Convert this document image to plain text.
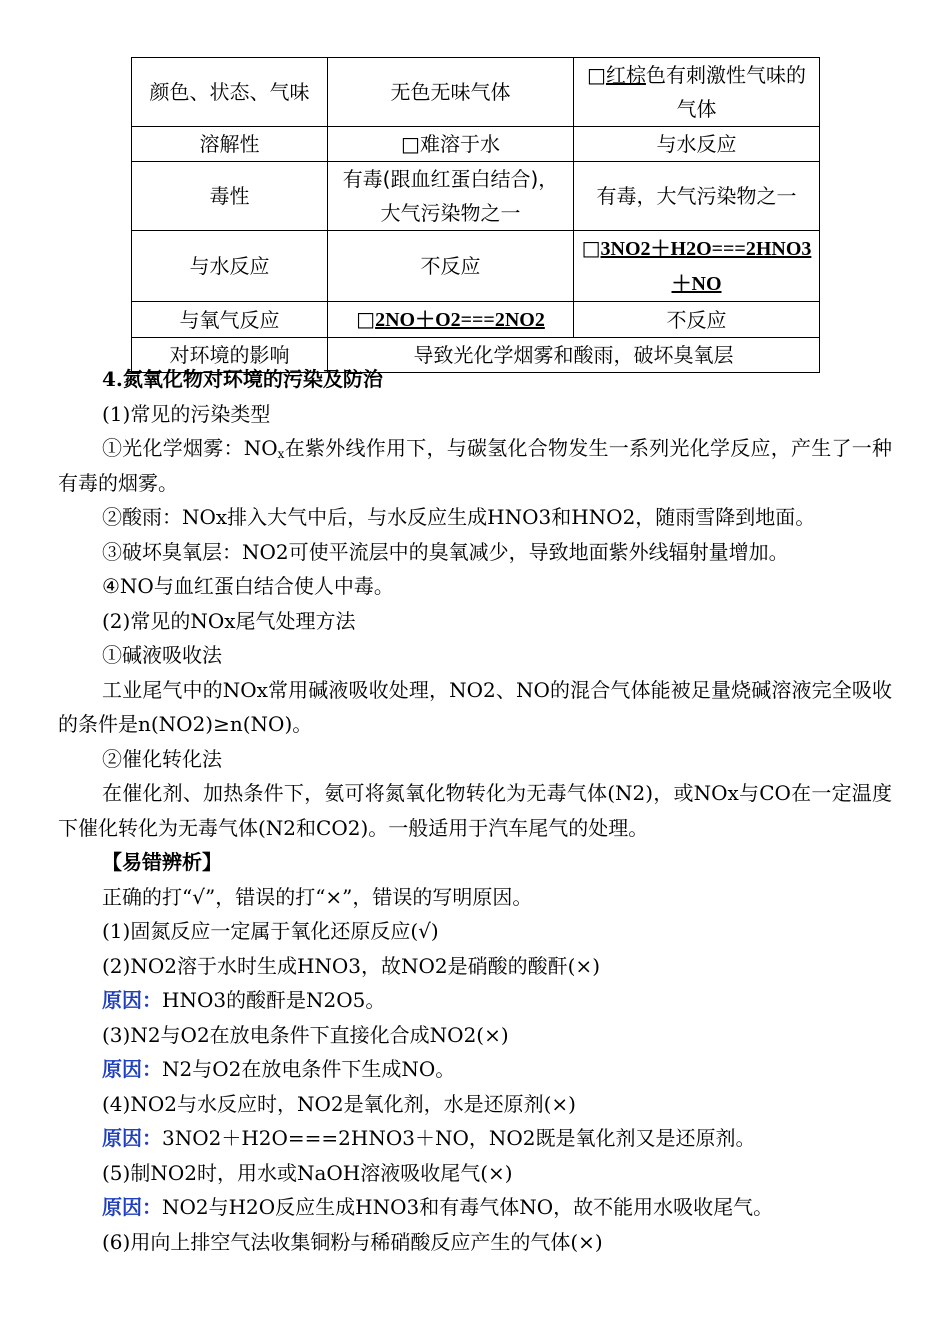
颜色、状态、气味	无色无味气体	□红棕色有刺激性气味的气体
溶解性	□难溶于水	与水反应
毒性	有毒(跟血红蛋白结合)，大气污染物之一	有毒，大气污染物之一
与水反应	不反应	□3NO2＋H2O===2HNO3＋NO
与氧气反应	□2NO＋O2===2NO2	不反应
对环境的影响	导致光化学烟雾和酸雨，破坏臭氧层	
4.氮氧化物对环境的污染及防治
(1)常见的污染类型
①光化学烟雾：$NO_x$在紫外线作用下，与碳氢化合物发生一系列光化学反应，产生了一种有毒的烟雾。
②酸雨：NOx排入大气中后，与水反应生成HNO3和HNO2，随雨雪降到地面。
③破坏臭氧层：NO2可使平流层中的臭氧减少，导致地面紫外线辐射量增加。
④NO与血红蛋白结合使人中毒。
(2)常见的NOx尾气处理方法
①碱液吸收法
工业尾气中的NOx常用碱液吸收处理，NO2、NO的混合气体能被足量烧碱溶液完全吸收的条件是n(NO2)≥n(NO)。
②催化转化法
在催化剂、加热条件下，氨可将氮氧化物转化为无毒气体(N2)，或NOx与CO在一定温度下催化转化为无毒气体(N2和CO2)。一般适用于汽车尾气的处理。
【易错辨析】
正确的打“√”，错误的打“×”，错误的写明原因。
(1)固氮反应一定属于氧化还原反应(√)
(2)NO2溶于水时生成HNO3，故NO2是硝酸的酸酐(×)
原因：HNO3的酸酐是N2O5。
(3)N2与O2在放电条件下直接化合成NO2(×)
原因：N2与O2在放电条件下生成NO。
(4)NO2与水反应时，NO2是氧化剂，水是还原剂(×)
原因：3NO2＋H2O===2HNO3＋NO，NO2既是氧化剂又是还原剂。
(5)制NO2时，用水或NaOH溶液吸收尾气(×)
原因：NO2与H2O反应生成HNO3和有毒气体NO，故不能用水吸收尾气。
(6)用向上排空气法收集铜粉与稀硝酸反应产生的气体(×)
